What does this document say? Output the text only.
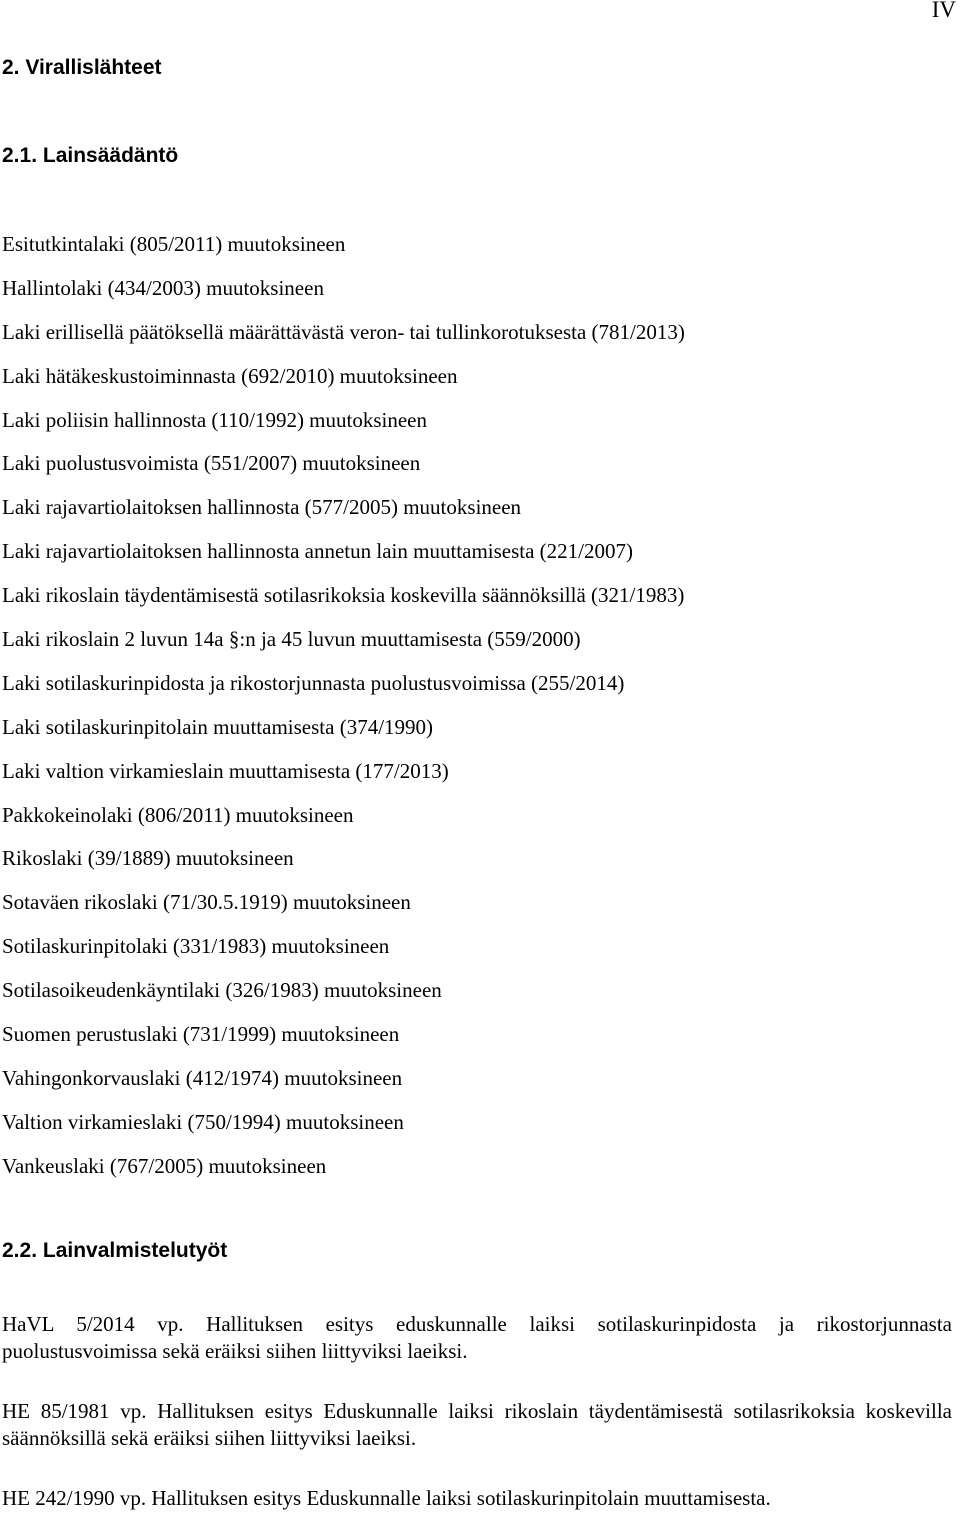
IV
2. Virallislähteet
2.1. Lainsäädäntö
Esitutkintalaki (805/2011) muutoksineen
Hallintolaki (434/2003) muutoksineen
Laki erillisellä päätöksellä määrättävästä veron- tai tullinkorotuksesta (781/2013)
Laki hätäkeskustoiminnasta (692/2010) muutoksineen
Laki poliisin hallinnosta (110/1992) muutoksineen
Laki puolustusvoimista (551/2007) muutoksineen
Laki rajavartiolaitoksen hallinnosta (577/2005) muutoksineen
Laki rajavartiolaitoksen hallinnosta annetun lain muuttamisesta (221/2007)
Laki rikoslain täydentämisestä sotilasrikoksia koskevilla säännöksillä (321/1983)
Laki rikoslain 2 luvun 14a §:n ja 45 luvun muuttamisesta (559/2000)
Laki sotilaskurinpidosta ja rikostorjunnasta puolustusvoimissa (255/2014)
Laki sotilaskurinpitolain muuttamisesta (374/1990)
Laki valtion virkamieslain muuttamisesta (177/2013)
Pakkokeinolaki (806/2011) muutoksineen
Rikoslaki (39/1889) muutoksineen
Sotaväen rikoslaki (71/30.5.1919) muutoksineen
Sotilaskurinpitolaki (331/1983) muutoksineen
Sotilasoikeudenkäyntilaki (326/1983) muutoksineen
Suomen perustuslaki (731/1999) muutoksineen
Vahingonkorvauslaki (412/1974) muutoksineen
Valtion virkamieslaki (750/1994) muutoksineen
Vankeuslaki (767/2005) muutoksineen
2.2. Lainvalmistelutyöt

HaVL 5/2014 vp. Hallituksen esitys eduskunnalle laiksi sotilaskurinpidosta ja rikostorjunnasta puolustusvoimissa sekä eräiksi siihen liittyviksi laeiksi.

HE 85/1981 vp. Hallituksen esitys Eduskunnalle laiksi rikoslain täydentämisestä sotilasrikoksia koskevilla säännöksillä sekä eräiksi siihen liittyviksi laeiksi.

HE 242/1990 vp. Hallituksen esitys Eduskunnalle laiksi sotilaskurinpitolain muuttamisesta.
